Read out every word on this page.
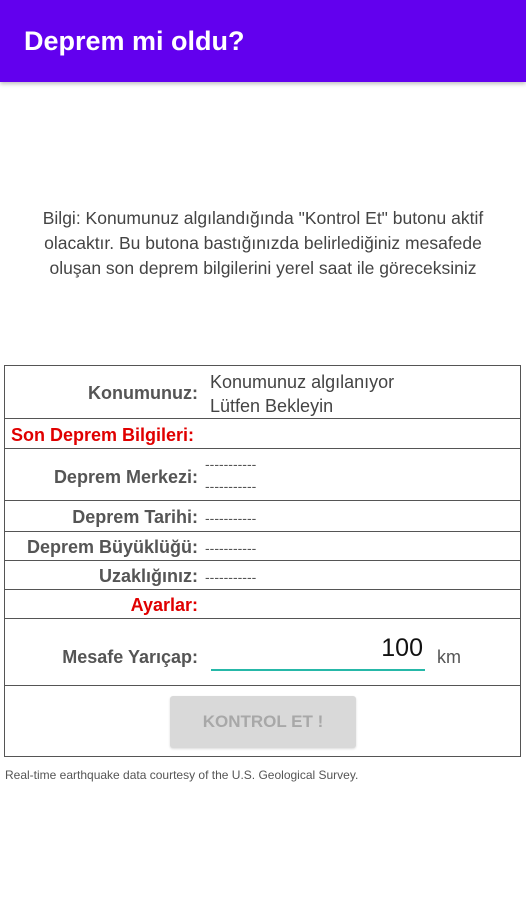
Deprem mi oldu?
Bilgi: Konumunuz algılandığında "Kontrol Et" butonu aktif
olacaktır. Bu butona bastığınızda belirlediğiniz mesafede
oluşan son deprem bilgilerini yerel saat ile göreceksiniz
Konumunuz:
Konumunuz algılanıyor
Lütfen Bekleyin
Son Deprem Bilgileri:
Deprem Merkezi:
-----------
-----------
Deprem Tarihi: -----------
Deprem Büyüklüğü: -----------
Uzaklığınız: -----------
Ayarlar:
Mesafe Yarıçap:	100 km
KONTROL ET !
Real-time earthquake data courtesy of the U.S. Geological Survey.
